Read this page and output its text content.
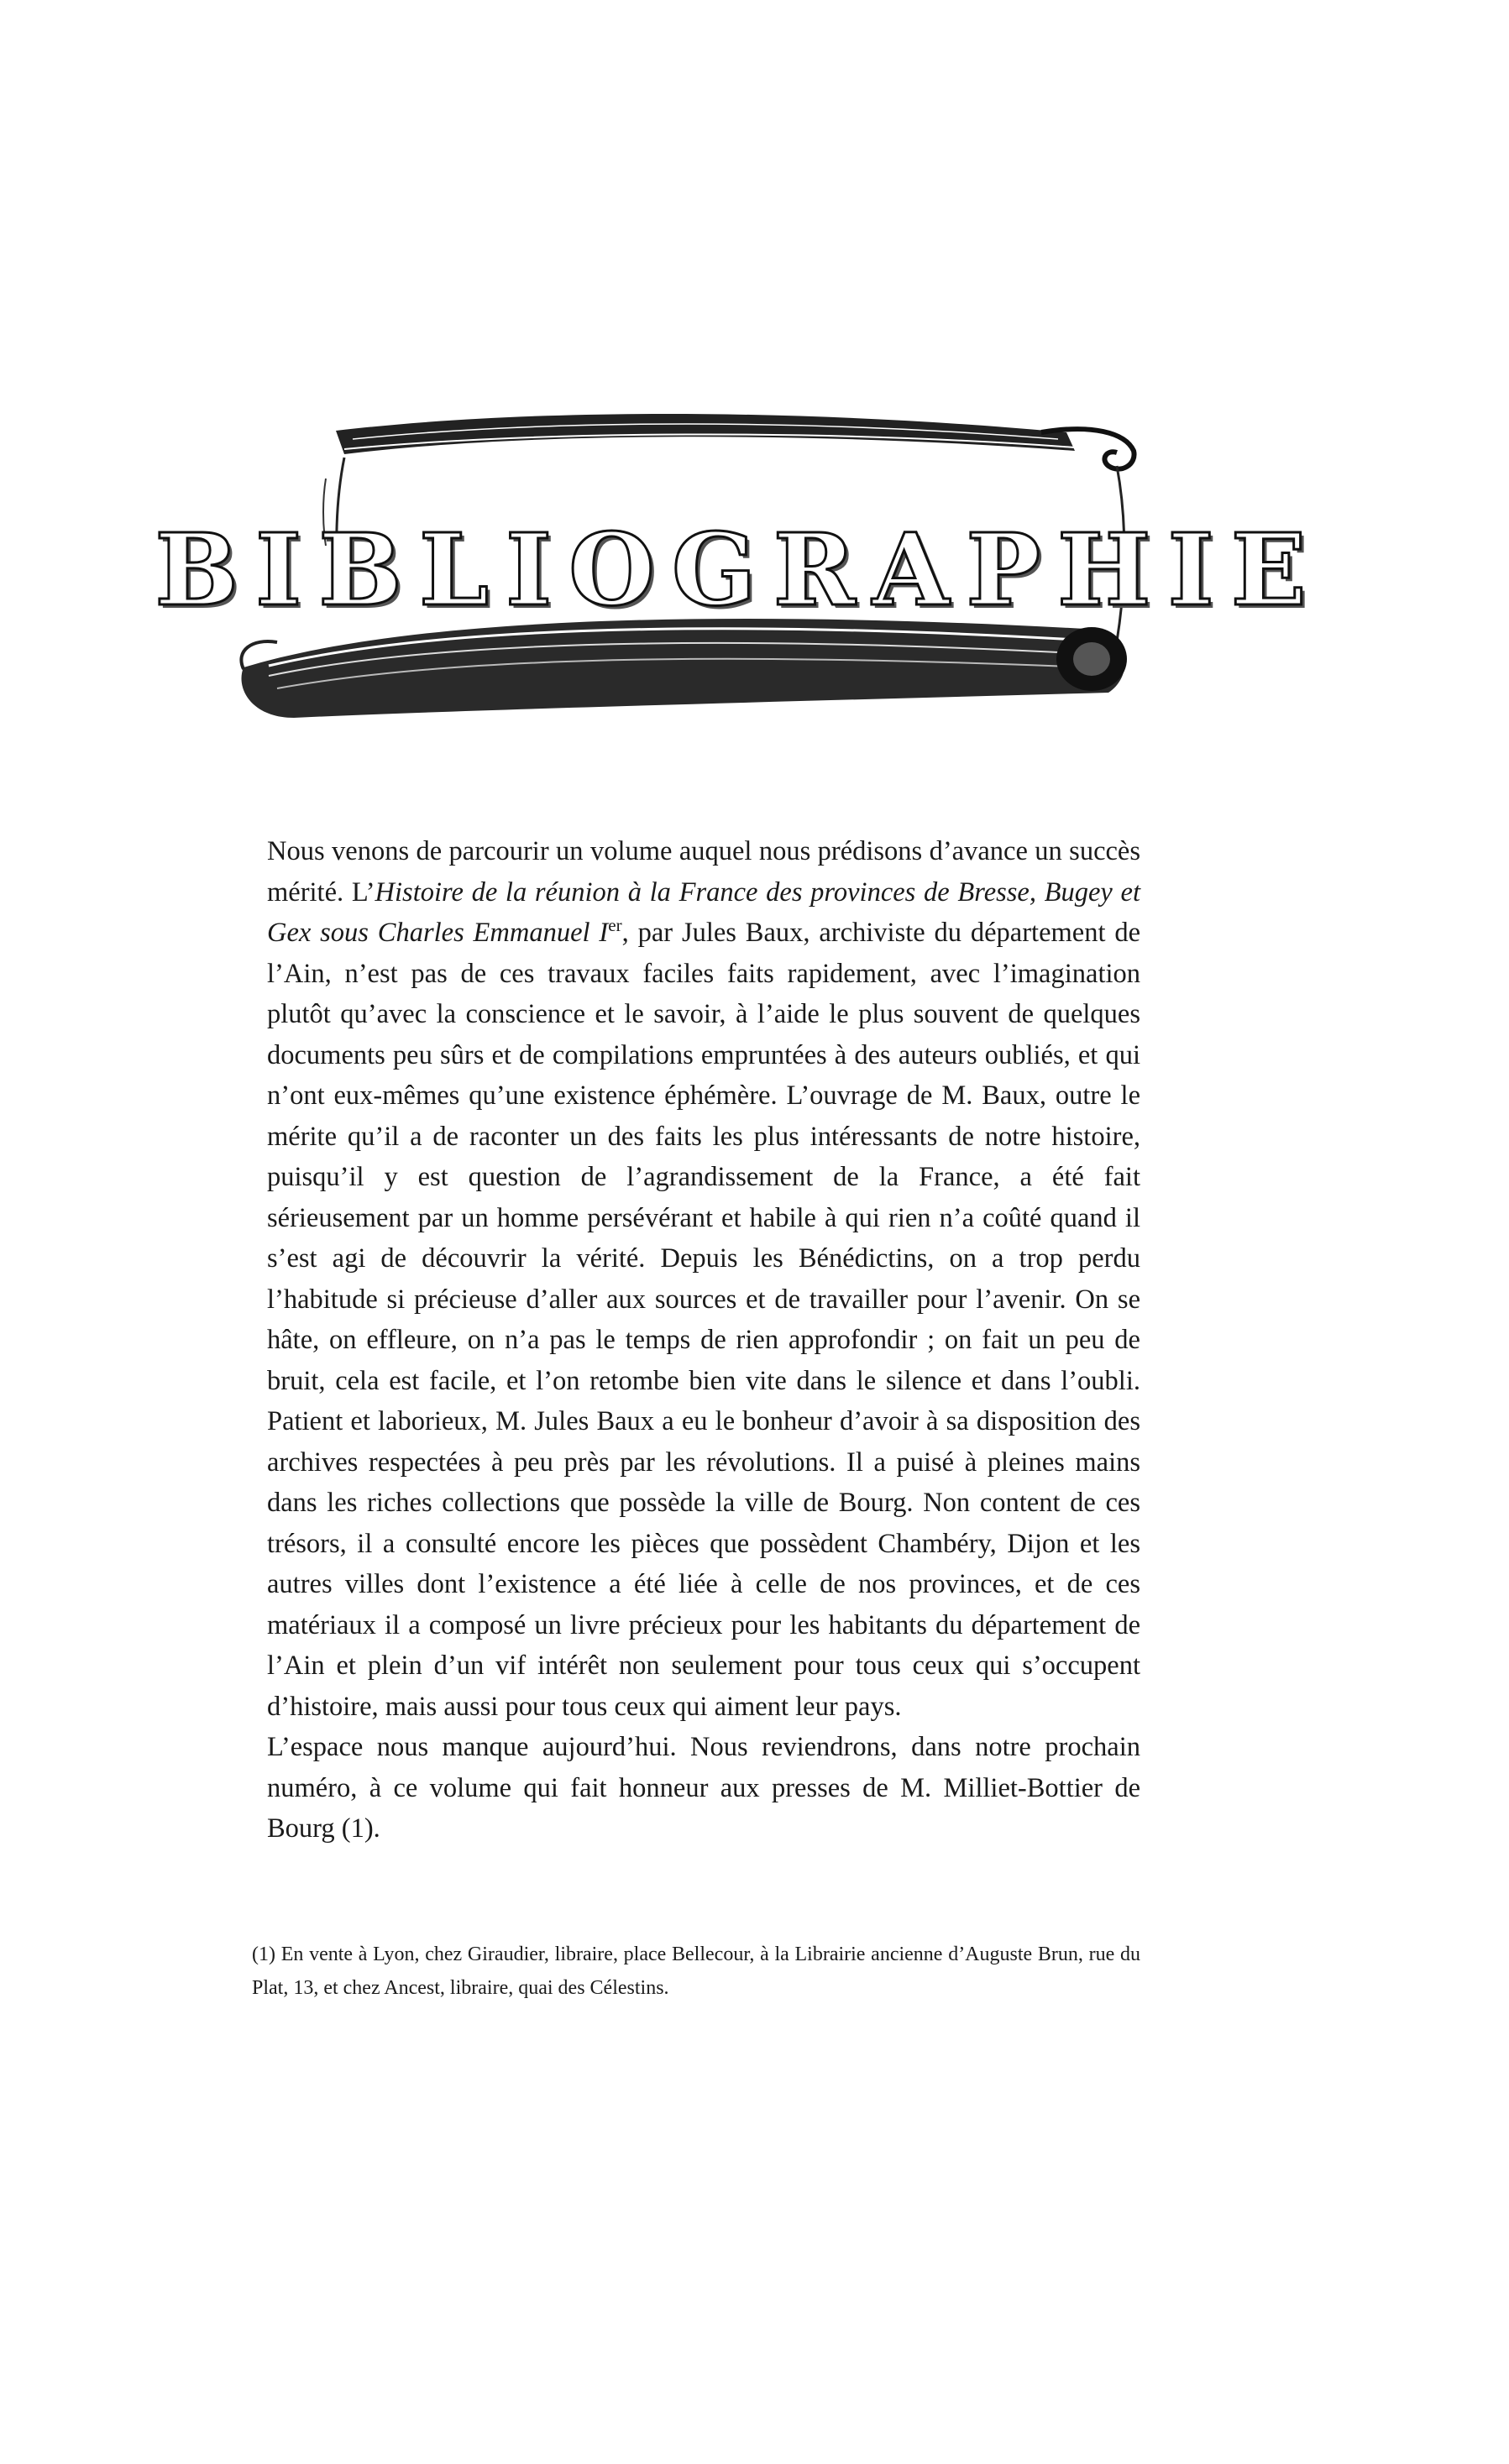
BIBLIOGRAPHIE

Nous venons de parcourir un volume auquel nous prédisons d’avance un succès mérité. L’Histoire de la réunion à la France des provinces de Bresse, Bugey et Gex sous Charles Emmanuel Ier, par Jules Baux, archiviste du département de l’Ain, n’est pas de ces travaux faciles faits rapidement, avec l’imagination plutôt qu’avec la conscience et le savoir, à l’aide le plus souvent de quelques documents peu sûrs et de compilations empruntées à des auteurs oubliés, et qui n’ont eux-mêmes qu’une existence éphémère. L’ouvrage de M. Baux, outre le mérite qu’il a de raconter un des faits les plus intéressants de notre histoire, puisqu’il y est question de l’agrandissement de la France, a été fait sérieusement par un homme persévérant et habile à qui rien n’a coûté quand il s’est agi de découvrir la vérité. Depuis les Bénédictins, on a trop perdu l’habitude si précieuse d’aller aux sources et de travailler pour l’avenir. On se hâte, on effleure, on n’a pas le temps de rien approfondir ; on fait un peu de bruit, cela est facile, et l’on retombe bien vite dans le silence et dans l’oubli. Patient et laborieux, M. Jules Baux a eu le bonheur d’avoir à sa disposition des archives respectées à peu près par les révolutions. Il a puisé à pleines mains dans les riches collections que possède la ville de Bourg. Non content de ces trésors, il a consulté encore les pièces que possèdent Chambéry, Dijon et les autres villes dont l’existence a été liée à celle de nos provinces, et de ces matériaux il a composé un livre précieux pour les habitants du département de l’Ain et plein d’un vif intérêt non seulement pour tous ceux qui s’occupent d’histoire, mais aussi pour tous ceux qui aiment leur pays.

L’espace nous manque aujourd’hui. Nous reviendrons, dans notre prochain numéro, à ce volume qui fait honneur aux presses de M. Milliet-Bottier de Bourg (1).

(1) En vente à Lyon, chez Giraudier, libraire, place Bellecour, à la Librairie ancienne d’Auguste Brun, rue du Plat, 13, et chez Ancest, libraire, quai des Célestins.
